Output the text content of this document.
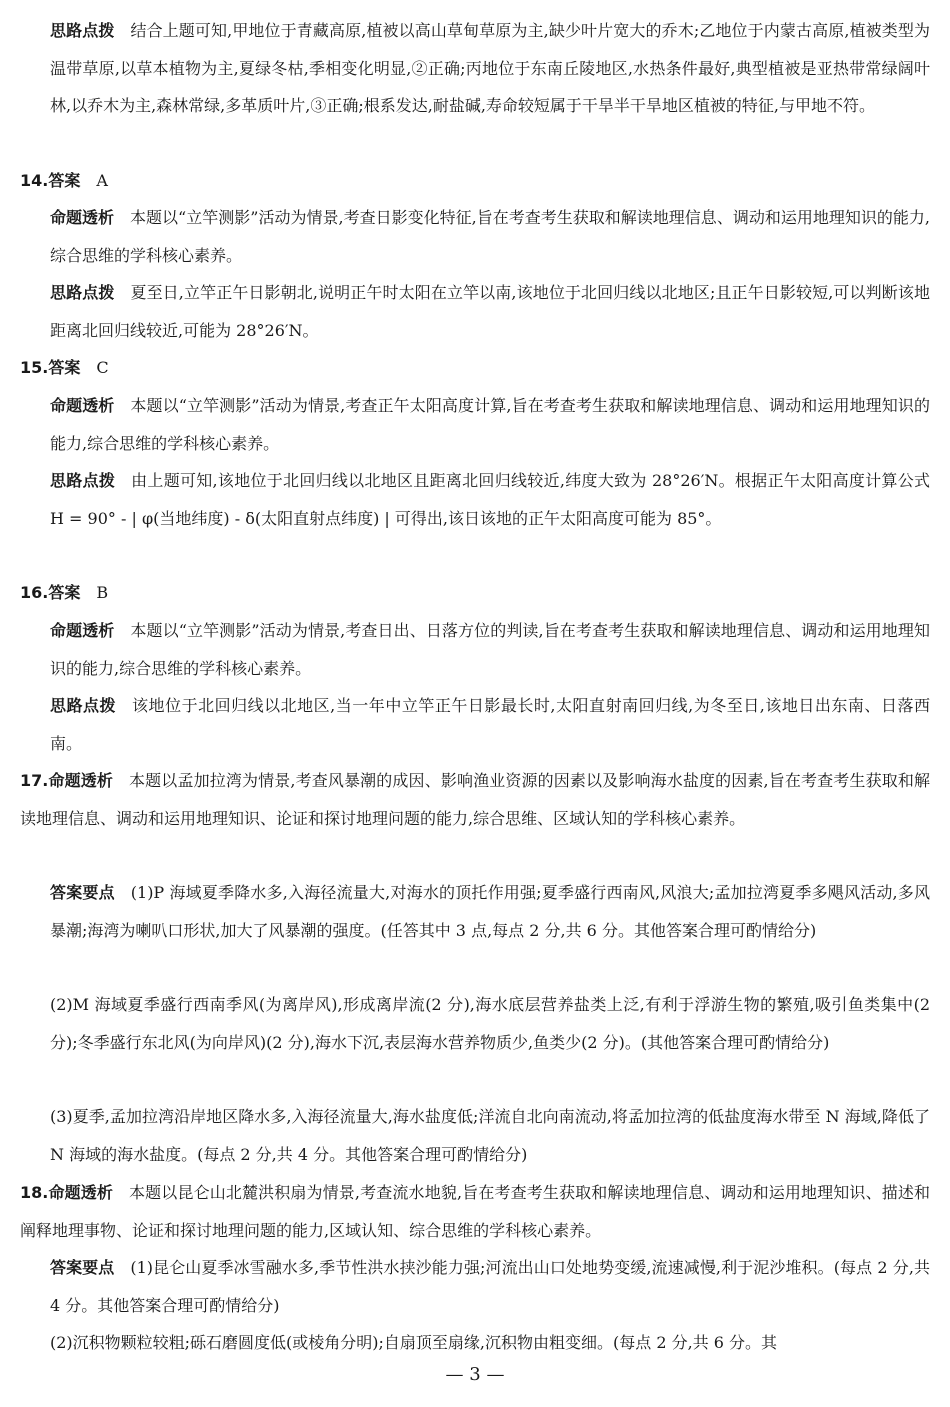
思路点拨 结合上题可知,甲地位于青藏高原,植被以高山草甸草原为主,缺少叶片宽大的乔木;乙地位于内蒙古高原,植被类型为温带草原,以草本植物为主,夏绿冬枯,季相变化明显,②正确;丙地位于东南丘陵地区,水热条件最好,典型植被是亚热带常绿阔叶林,以乔木为主,森林常绿,多革质叶片,③正确;根系发达,耐盐碱,寿命较短属于干旱半干旱地区植被的特征,与甲地不符。

14.答案 A

命题透析 本题以“立竿测影”活动为情景,考查日影变化特征,旨在考查考生获取和解读地理信息、调动和运用地理知识的能力,综合思维的学科核心素养。

思路点拨 夏至日,立竿正午日影朝北,说明正午时太阳在立竿以南,该地位于北回归线以北地区;且正午日影较短,可以判断该地距离北回归线较近,可能为 28°26′N。

15.答案 C

命题透析 本题以“立竿测影”活动为情景,考查正午太阳高度计算,旨在考查考生获取和解读地理信息、调动和运用地理知识的能力,综合思维的学科核心素养。

思路点拨 由上题可知,该地位于北回归线以北地区且距离北回归线较近,纬度大致为 28°26′N。根据正午太阳高度计算公式 H = 90° - | φ(当地纬度) - δ(太阳直射点纬度) | 可得出,该日该地的正午太阳高度可能为 85°。

16.答案 B

命题透析 本题以“立竿测影”活动为情景,考查日出、日落方位的判读,旨在考查考生获取和解读地理信息、调动和运用地理知识的能力,综合思维的学科核心素养。

思路点拨 该地位于北回归线以北地区,当一年中立竿正午日影最长时,太阳直射南回归线,为冬至日,该地日出东南、日落西南。

17.命题透析 本题以孟加拉湾为情景,考查风暴潮的成因、影响渔业资源的因素以及影响海水盐度的因素,旨在考查考生获取和解读地理信息、调动和运用地理知识、论证和探讨地理问题的能力,综合思维、区域认知的学科核心素养。

答案要点 (1)P 海域夏季降水多,入海径流量大,对海水的顶托作用强;夏季盛行西南风,风浪大;孟加拉湾夏季多飓风活动,多风暴潮;海湾为喇叭口形状,加大了风暴潮的强度。(任答其中 3 点,每点 2 分,共 6 分。其他答案合理可酌情给分)

(2)M 海域夏季盛行西南季风(为离岸风),形成离岸流(2 分),海水底层营养盐类上泛,有利于浮游生物的繁殖,吸引鱼类集中(2 分);冬季盛行东北风(为向岸风)(2 分),海水下沉,表层海水营养物质少,鱼类少(2 分)。(其他答案合理可酌情给分)

(3)夏季,孟加拉湾沿岸地区降水多,入海径流量大,海水盐度低;洋流自北向南流动,将孟加拉湾的低盐度海水带至 N 海域,降低了 N 海域的海水盐度。(每点 2 分,共 4 分。其他答案合理可酌情给分)

18.命题透析 本题以昆仑山北麓洪积扇为情景,考查流水地貌,旨在考查考生获取和解读地理信息、调动和运用地理知识、描述和阐释地理事物、论证和探讨地理问题的能力,区域认知、综合思维的学科核心素养。

答案要点 (1)昆仑山夏季冰雪融水多,季节性洪水挟沙能力强;河流出山口处地势变缓,流速减慢,利于泥沙堆积。(每点 2 分,共 4 分。其他答案合理可酌情给分)

(2)沉积物颗粒较粗;砾石磨圆度低(或棱角分明);自扇顶至扇缘,沉积物由粗变细。(每点 2 分,共 6 分。其

— 3 —
